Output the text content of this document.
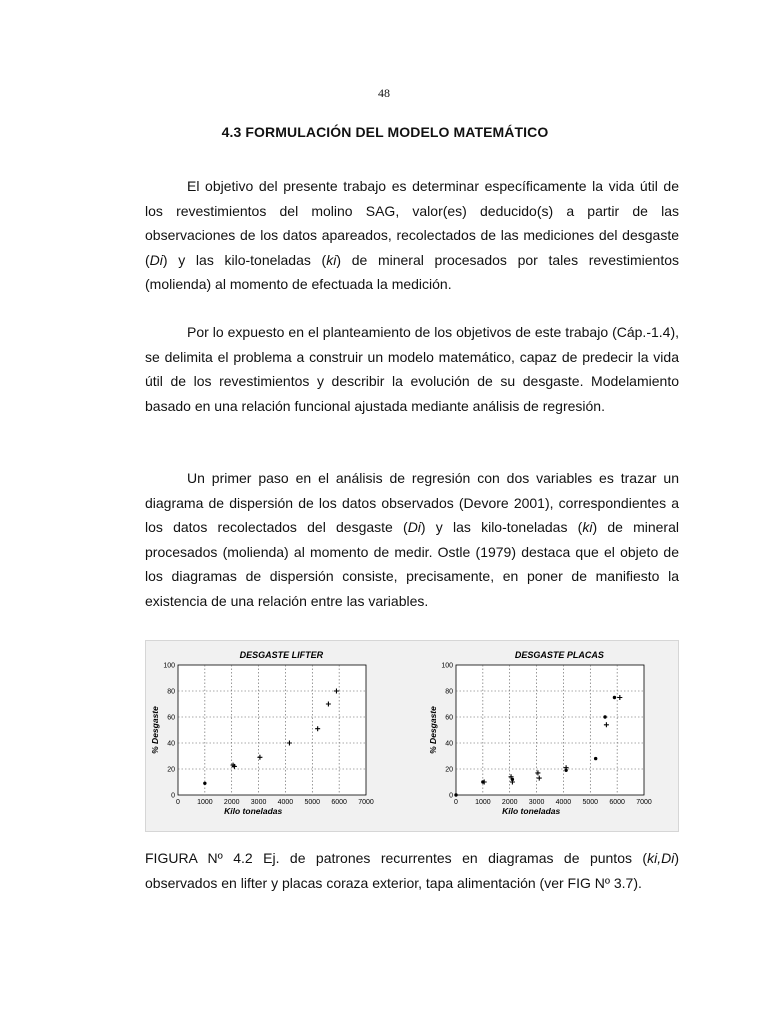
48
4.3 FORMULACIÓN DEL MODELO MATEMÁTICO

El objetivo del presente trabajo es determinar específicamente la vida útil de los revestimientos del molino SAG, valor(es) deducido(s) a partir de las observaciones de los datos apareados, recolectados de las mediciones del desgaste (Di) y las kilo-toneladas (ki) de mineral procesados por tales revestimientos (molienda) al momento de efectuada la medición.

Por lo expuesto en el planteamiento de los objetivos de este trabajo (Cáp.-1.4), se delimita el problema a construir un modelo matemático, capaz de predecir la vida útil de los revestimientos y describir la evolución de su desgaste. Modelamiento basado en una relación funcional ajustada mediante análisis de regresión.

Un primer paso en el análisis de regresión con dos variables es trazar un diagrama de dispersión de los datos observados (Devore 2001), correspondientes a los datos recolectados del desgaste (Di) y las kilo-toneladas (ki) de mineral procesados (molienda) al momento de medir. Ostle (1979) destaca que el objeto de los diagramas de dispersión consiste, precisamente, en poner de manifiesto la existencia de una relación entre las variables.

0 1000 2000 3000 4000 5000 6000 7000
0
20
40
60
80
100
DESGASTE LIFTER
Kilo toneladas
% Desgaste
0 1000 2000 3000 4000 5000 6000 7000
0
20
40
60
80
100
DESGASTE PLACAS
Kilo toneladas
% Desgaste

FIGURA Nº 4.2 Ej. de patrones recurrentes en diagramas de puntos (ki,Di) observados en lifter y placas coraza exterior, tapa alimentación (ver FIG Nº 3.7).
